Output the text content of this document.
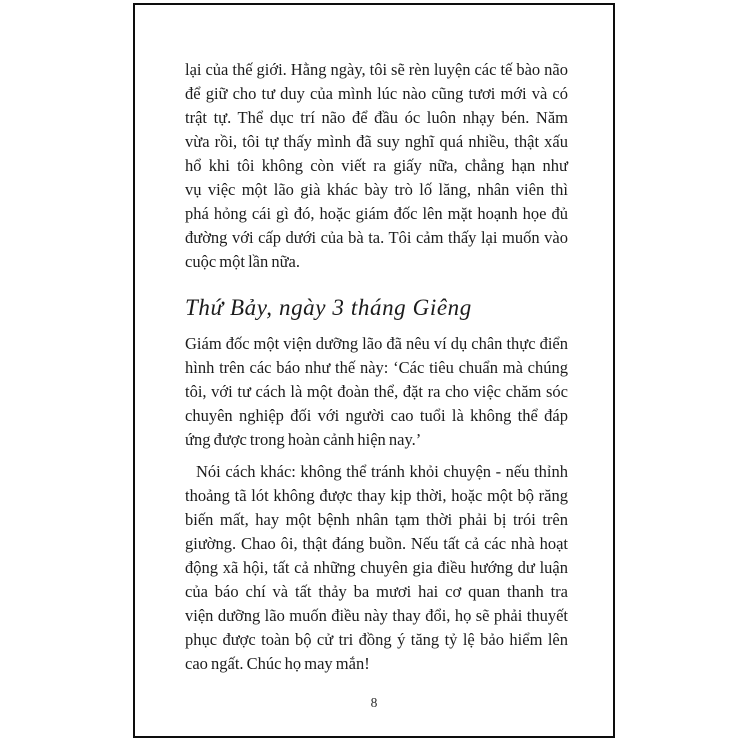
lại của thế giới. Hằng ngày, tôi sẽ rèn luyện các tế bào não
để giữ cho tư duy của mình lúc nào cũng tươi mới và có
trật tự. Thể dục trí não để đầu óc luôn nhạy bén. Năm
vừa rồi, tôi tự thấy mình đã suy nghĩ quá nhiều, thật xấu
hổ khi tôi không còn viết ra giấy nữa, chẳng hạn như
vụ việc một lão già khác bày trò lố lăng, nhân viên thì
phá hỏng cái gì đó, hoặc giám đốc lên mặt hoạnh họe đủ
đường với cấp dưới của bà ta. Tôi cảm thấy lại muốn vào
cuộc một lần nữa.
Thứ Bảy, ngày 3 tháng Giêng
Giám đốc một viện dưỡng lão đã nêu ví dụ chân thực điển
hình trên các báo như thế này: ‘Các tiêu chuẩn mà chúng
tôi, với tư cách là một đoàn thể, đặt ra cho việc chăm sóc
chuyên nghiệp đối với người cao tuổi là không thể đáp
ứng được trong hoàn cảnh hiện nay.’
Nói cách khác: không thể tránh khỏi chuyện - nếu thỉnh
thoảng tã lót không được thay kịp thời, hoặc một bộ răng
biến mất, hay một bệnh nhân tạm thời phải bị trói trên
giường. Chao ôi, thật đáng buồn. Nếu tất cả các nhà hoạt
động xã hội, tất cả những chuyên gia điều hướng dư luận
của báo chí và tất thảy ba mươi hai cơ quan thanh tra
viện dưỡng lão muốn điều này thay đổi, họ sẽ phải thuyết
phục được toàn bộ cử tri đồng ý tăng tỷ lệ bảo hiểm lên
cao ngất. Chúc họ may mắn!
8
